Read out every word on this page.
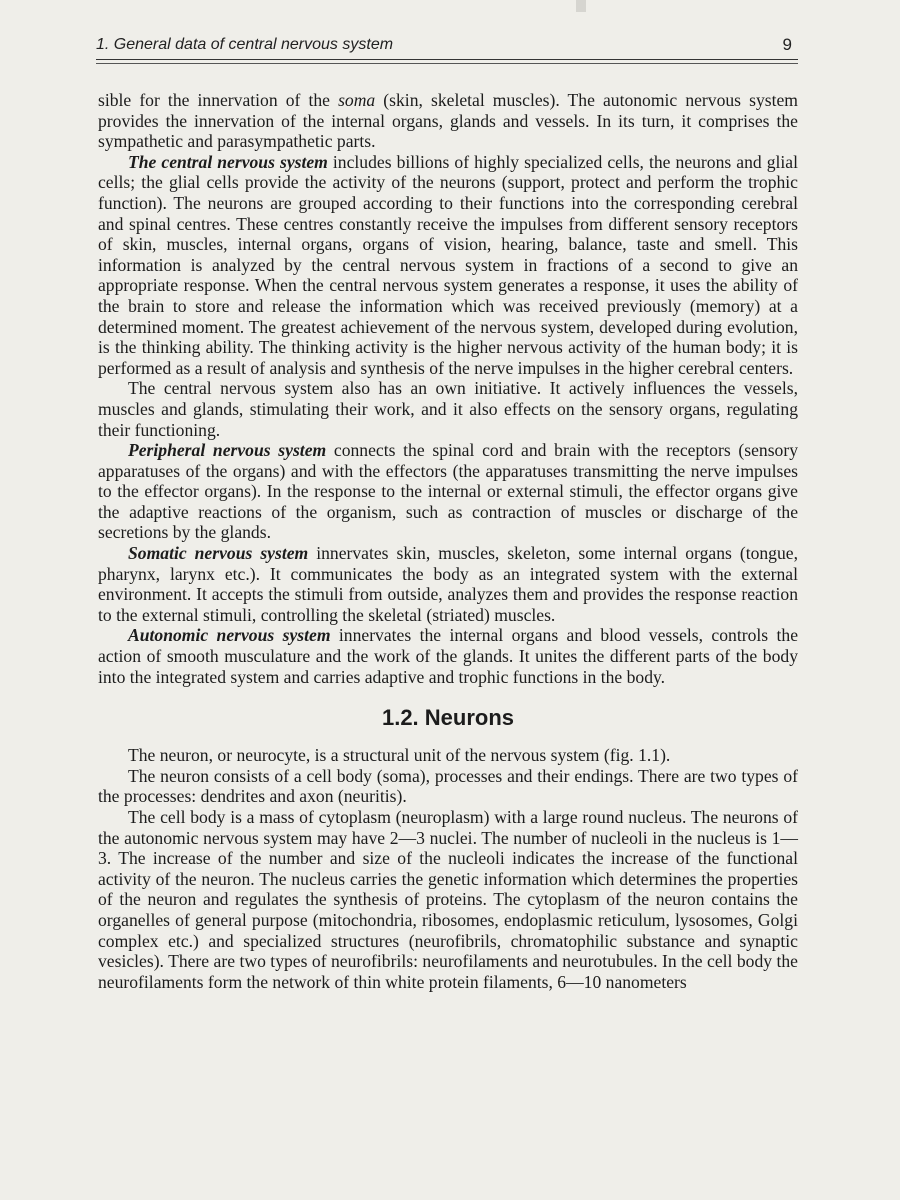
1. General data of central nervous system	9

sible for the innervation of the soma (skin, skeletal muscles). The autonomic nervous system provides the innervation of the internal organs, glands and vessels. In its turn, it comprises the sympathetic and parasympathetic parts.

The central nervous system includes billions of highly specialized cells, the neurons and glial cells; the glial cells provide the activity of the neurons (support, protect and perform the trophic function). The neurons are grouped according to their functions into the corresponding cerebral and spinal centres. These centres constantly receive the impulses from different sensory receptors of skin, muscles, internal organs, organs of vision, hearing, balance, taste and smell. This information is analyzed by the central nervous system in fractions of a second to give an appropriate response. When the central nervous system generates a response, it uses the ability of the brain to store and release the information which was received previously (memory) at a determined moment. The greatest achievement of the nervous system, developed during evolution, is the thinking ability. The thinking activity is the higher nervous activity of the human body; it is performed as a result of analysis and synthesis of the nerve impulses in the higher cerebral centers.

The central nervous system also has an own initiative. It actively influences the vessels, muscles and glands, stimulating their work, and it also effects on the sensory organs, regulating their functioning.

Peripheral nervous system connects the spinal cord and brain with the receptors (sensory apparatuses of the organs) and with the effectors (the apparatuses transmitting the nerve impulses to the effector organs). In the response to the internal or external stimuli, the effector organs give the adaptive reactions of the organism, such as contraction of muscles or discharge of the secretions by the glands.

Somatic nervous system innervates skin, muscles, skeleton, some internal organs (tongue, pharynx, larynx etc.). It communicates the body as an integrated system with the external environment. It accepts the stimuli from outside, analyzes them and provides the response reaction to the external stimuli, controlling the skeletal (striated) muscles.

Autonomic nervous system innervates the internal organs and blood vessels, controls the action of smooth musculature and the work of the glands. It unites the different parts of the body into the integrated system and carries adaptive and trophic functions in the body.

1.2. Neurons

The neuron, or neurocyte, is a structural unit of the nervous system (fig. 1.1).

The neuron consists of a cell body (soma), processes and their endings. There are two types of the processes: dendrites and axon (neuritis).

The cell body is a mass of cytoplasm (neuroplasm) with a large round nucleus. The neurons of the autonomic nervous system may have 2—3 nuclei. The number of nucleoli in the nucleus is 1—3. The increase of the number and size of the nucleoli indicates the increase of the functional activity of the neuron. The nucleus carries the genetic information which determines the properties of the neuron and regulates the synthesis of proteins. The cytoplasm of the neuron contains the organelles of general purpose (mitochondria, ribosomes, endoplasmic reticulum, lysosomes, Golgi complex etc.) and specialized structures (neurofibrils, chromatophilic substance and synaptic vesicles). There are two types of neurofibrils: neurofilaments and neurotubules. In the cell body the neurofilaments form the network of thin white protein filaments, 6—10 nanometers
